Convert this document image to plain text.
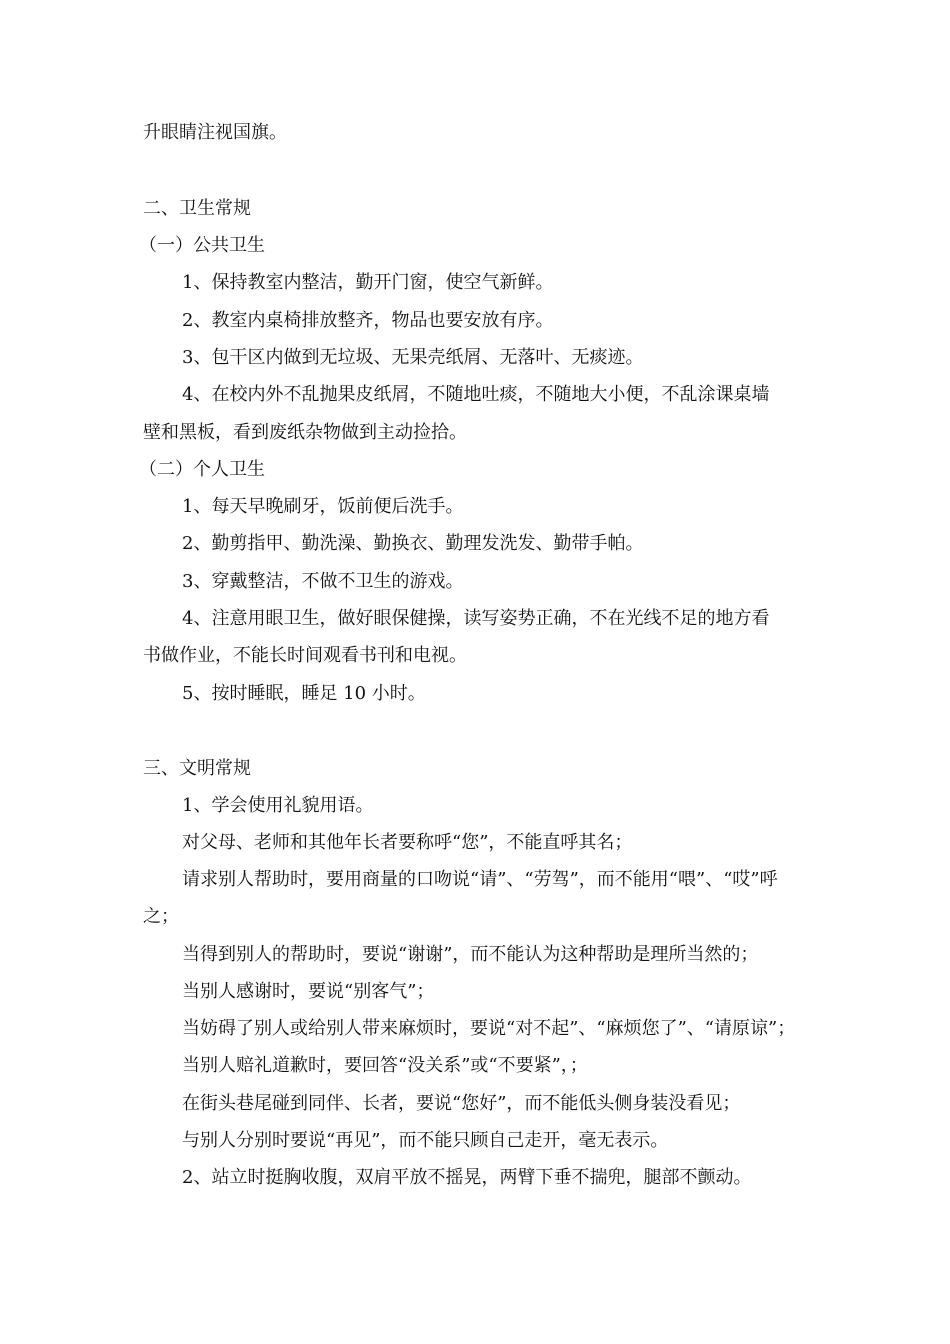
升眼睛注视国旗。
二、卫生常规
（一）公共卫生
1、保持教室内整洁，勤开门窗，使空气新鲜。
2、教室内桌椅排放整齐，物品也要安放有序。
3、包干区内做到无垃圾、无果壳纸屑、无落叶、无痰迹。
4、在校内外不乱抛果皮纸屑，不随地吐痰，不随地大小便，不乱涂课桌墙
壁和黑板，看到废纸杂物做到主动捡拾。
（二）个人卫生
1、每天早晚刷牙，饭前便后洗手。
2、勤剪指甲、勤洗澡、勤换衣、勤理发洗发、勤带手帕。
3、穿戴整洁，不做不卫生的游戏。
4、注意用眼卫生，做好眼保健操，读写姿势正确，不在光线不足的地方看
书做作业，不能长时间观看书刊和电视。
5、按时睡眠，睡足 10 小时。
三、文明常规
1、学会使用礼貌用语。
对父母、老师和其他年长者要称呼“您”，不能直呼其名；
请求别人帮助时，要用商量的口吻说“请”、“劳驾”，而不能用“喂”、“哎”呼
之；
当得到别人的帮助时，要说“谢谢”，而不能认为这种帮助是理所当然的；
当别人感谢时，要说“别客气”；
当妨碍了别人或给别人带来麻烦时，要说“对不起”、“麻烦您了”、“请原谅”；
当别人赔礼道歉时，要回答“没关系”或“不要紧”，；
在街头巷尾碰到同伴、长者，要说“您好”，而不能低头侧身装没看见；
与别人分别时要说“再见”，而不能只顾自己走开，毫无表示。
2、站立时挺胸收腹，双肩平放不摇晃，两臂下垂不揣兜，腿部不颤动。
